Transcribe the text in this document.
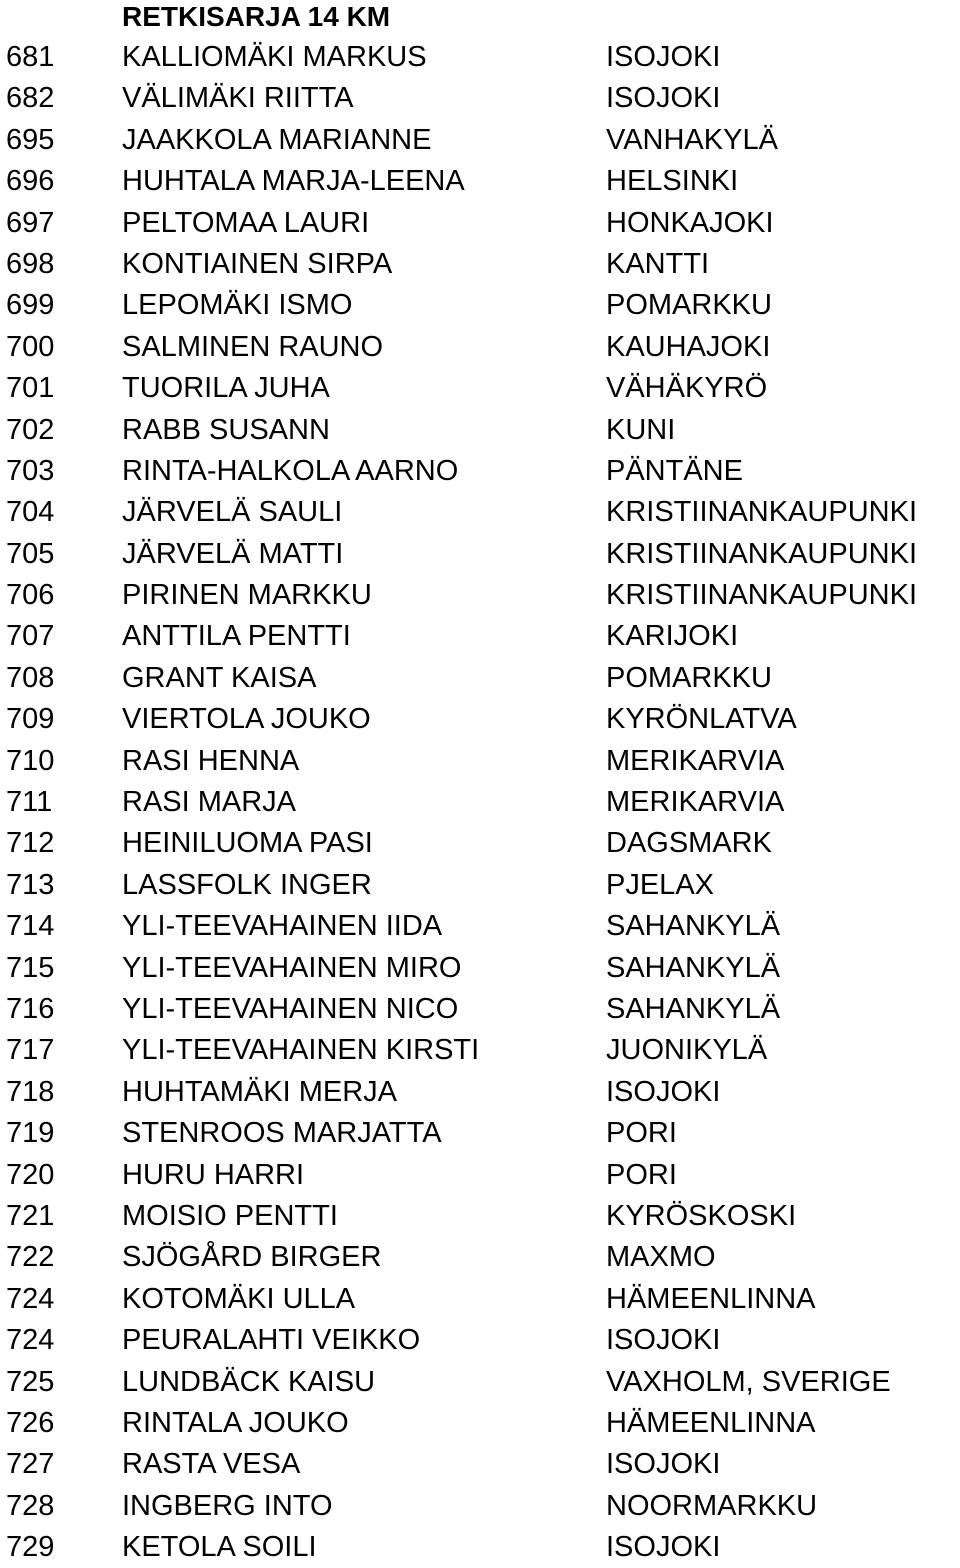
RETKISARJA 14 KM
681 KALLIOMÄKI MARKUS	ISOJOKI
682 VÄLIMÄKI RIITTA	ISOJOKI
695 JAAKKOLA MARIANNE	VANHAKYLÄ
696 HUHTALA MARJA-LEENA	HELSINKI
697 PELTOMAA LAURI	HONKAJOKI
698 KONTIAINEN SIRPA	KANTTI
699 LEPOMÄKI ISMO	POMARKKU
700 SALMINEN RAUNO	KAUHAJOKI
701 TUORILA JUHA	VÄHÄKYRÖ
702 RABB SUSANN	KUNI
703 RINTA-HALKOLA AARNO	PÄNTÄNE
704 JÄRVELÄ SAULI	KRISTIINANKAUPUNKI
705 JÄRVELÄ MATTI	KRISTIINANKAUPUNKI
706 PIRINEN MARKKU	KRISTIINANKAUPUNKI
707 ANTTILA PENTTI	KARIJOKI
708 GRANT KAISA	POMARKKU
709 VIERTOLA JOUKO	KYRÖNLATVA
710 RASI HENNA	MERIKARVIA
711 RASI MARJA	MERIKARVIA
712 HEINILUOMA PASI	DAGSMARK
713 LASSFOLK INGER	PJELAX
714 YLI-TEEVAHAINEN IIDA	SAHANKYLÄ
715 YLI-TEEVAHAINEN MIRO	SAHANKYLÄ
716 YLI-TEEVAHAINEN NICO	SAHANKYLÄ
717 YLI-TEEVAHAINEN KIRSTI	JUONIKYLÄ
718 HUHTAMÄKI MERJA	ISOJOKI
719 STENROOS MARJATTA	PORI
720 HURU HARRI	PORI
721 MOISIO PENTTI	KYRÖSKOSKI
722 SJÖGÅRD BIRGER	MAXMO
724 KOTOMÄKI ULLA	HÄMEENLINNA
724 PEURALAHTI VEIKKO	ISOJOKI
725 LUNDBÄCK KAISU	VAXHOLM, SVERIGE
726 RINTALA JOUKO	HÄMEENLINNA
727 RASTA VESA	ISOJOKI
728 INGBERG INTO	NOORMARKKU
729 KETOLA SOILI	ISOJOKI
